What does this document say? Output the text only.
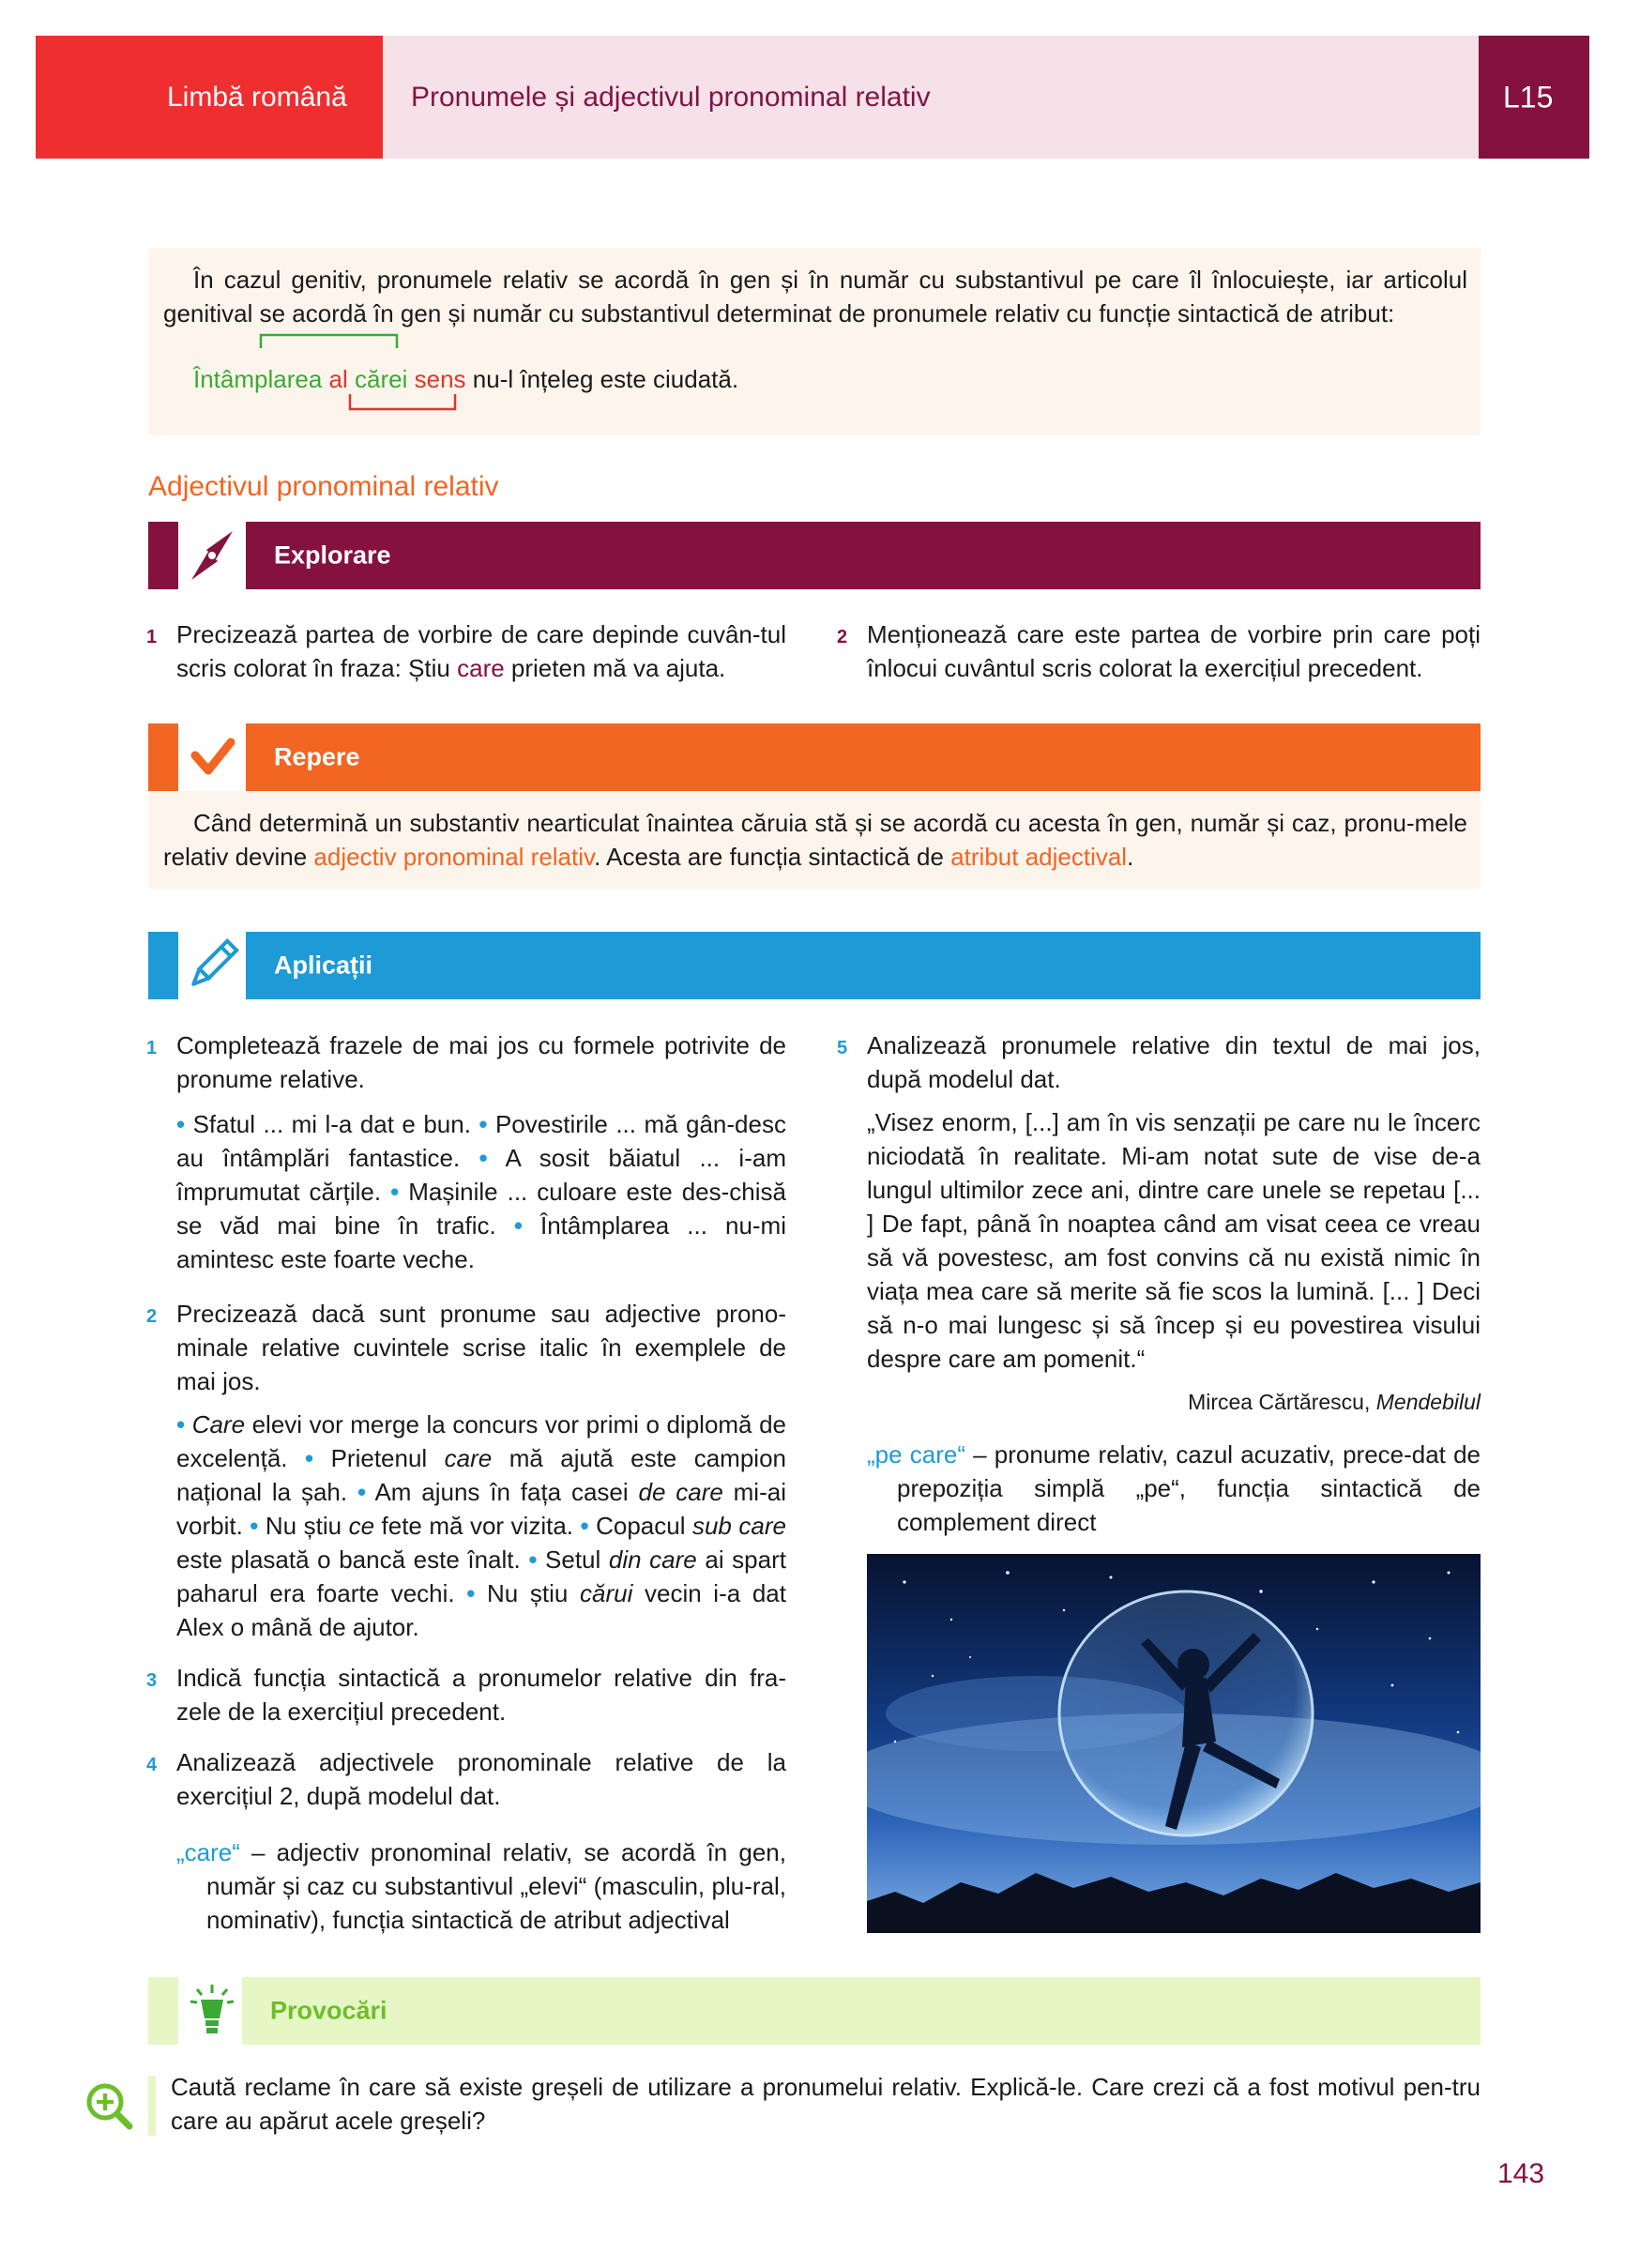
Limbă română Pronumele și adjectivul pronominal relativ	L15
În cazul genitiv, pronumele relativ se acordă în gen și în număr cu substantivul pe care îl înlocuiește, iar articolul genitival se acordă în gen și număr cu substantivul determinat de pronumele relativ cu funcție sintactică de atribut:
Întâmplarea al cărei sens nu-l înțeleg este ciudată.
Adjectivul pronominal relativ
Explorare
1 Precizează partea de vorbire de care depinde cuvân-tul scris colorat în fraza: Știu care prieten mă va ajuta.
2 Menționează care este partea de vorbire prin care poți înlocui cuvântul scris colorat la exercițiul precedent.
Repere
Când determină un substantiv nearticulat înaintea căruia stă și se acordă cu acesta în gen, număr și caz, pronu-mele relativ devine adjectiv pronominal relativ. Acesta are funcția sintactică de atribut adjectival.
Aplicații
1 Completează frazele de mai jos cu formele potrivite de pronume relative.
• Sfatul ... mi l-a dat e bun. • Povestirile ... mă gân-desc au întâmplări fantastice. • A sosit băiatul ... i-am împrumutat cărțile. • Mașinile ... culoare este des-chisă se văd mai bine în trafic. • Întâmplarea ... nu-mi amintesc este foarte veche.
2 Precizează dacă sunt pronume sau adjective prono-minale relative cuvintele scrise italic în exemplele de mai jos.
• Care elevi vor merge la concurs vor primi o diplomă de excelență. • Prietenul care mă ajută este campion național la șah. • Am ajuns în fața casei de care mi-ai vorbit. • Nu știu ce fete mă vor vizita. • Copacul sub care este plasată o bancă este înalt. • Setul din care ai spart paharul era foarte vechi. • Nu știu cărui vecin i-a dat Alex o mână de ajutor.
3 Indică funcția sintactică a pronumelor relative din fra-zele de la exercițiul precedent.
4 Analizează adjectivele pronominale relative de la exercițiul 2, după modelul dat.
„care“ – adjectiv pronominal relativ, se acordă în gen, număr și caz cu substantivul „elevi“ (masculin, plu-ral, nominativ), funcția sintactică de atribut adjectival
5 Analizează pronumele relative din textul de mai jos, după modelul dat.
„Visez enorm, [...] am în vis senzații pe care nu le încerc niciodată în realitate. Mi-am notat sute de vise de-a lungul ultimilor zece ani, dintre care unele se repetau [... ] De fapt, până în noaptea când am visat ceea ce vreau să vă povestesc, am fost convins că nu există nimic în viața mea care să merite să fie scos la lumină. [... ] Deci să n-o mai lungesc și să încep și eu povestirea visului despre care am pomenit.“
Mircea Cărtărescu, Mendebilul
„pe care“ – pronume relativ, cazul acuzativ, prece-dat de prepoziția simplă „pe“, funcția sintactică de complement direct
Provocări
Caută reclame în care să existe greșeli de utilizare a pronumelui relativ. Explică-le. Care crezi că a fost motivul pen-tru care au apărut acele greșeli?
143
